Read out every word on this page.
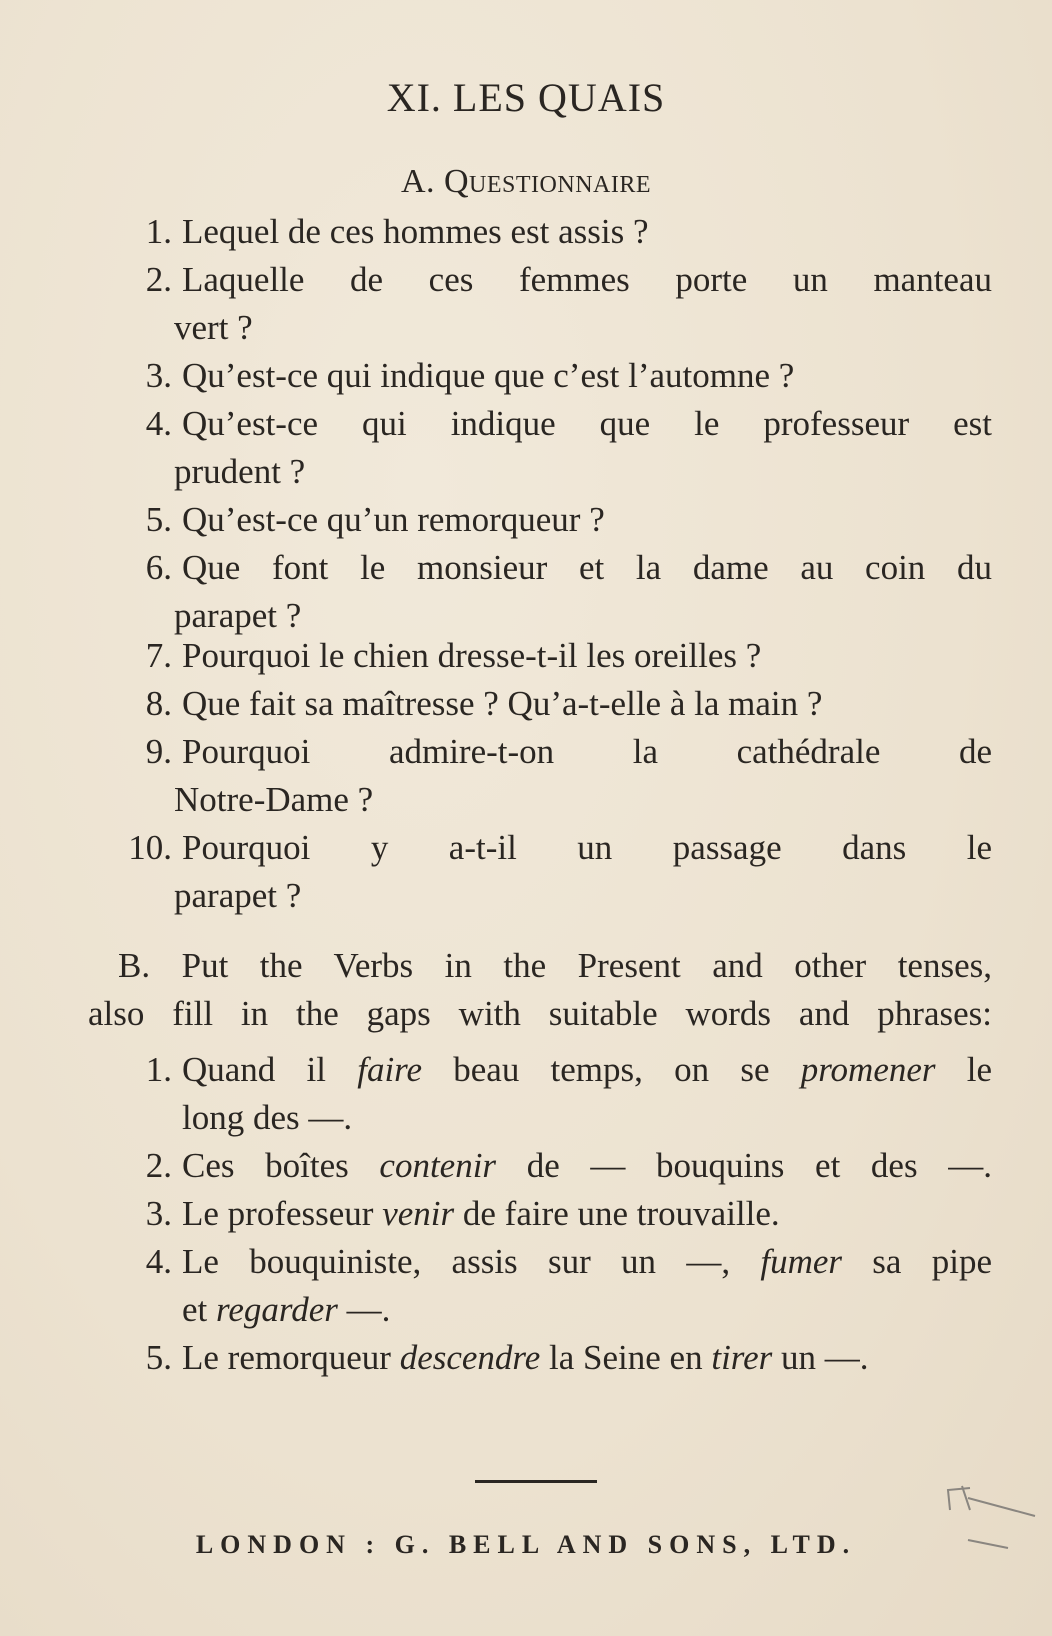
XI. LES QUAIS
A. Questionnaire
1. Lequel de ces hommes est assis ?
2. Laquelle de ces femmes porte un manteau
vert ?
3. Qu’est-ce qui indique que c’est l’automne ?
4. Qu’est-ce qui indique que le professeur est
prudent ?
5. Qu’est-ce qu’un remorqueur ?
6. Que font le monsieur et la dame au coin du
parapet ?
7. Pourquoi le chien dresse-t-il les oreilles ?
8. Que fait sa maîtresse ? Qu’a-t-elle à la main ?
9. Pourquoi admire-t-on la cathédrale de
Notre-Dame ?
10. Pourquoi y a-t-il un passage dans le
parapet ?
B. Put the Verbs in the Present and other tenses,
also fill in the gaps with suitable words and phrases:
1. Quand il faire beau temps, on se promener le
long des —.
2. Ces boîtes contenir de — bouquins et des —.
3. Le professeur venir de faire une trouvaille.
4. Le bouquiniste, assis sur un —, fumer sa pipe
et regarder —.
5. Le remorqueur descendre la Seine en tirer un —.
LONDON : G. BELL AND SONS, LTD.
